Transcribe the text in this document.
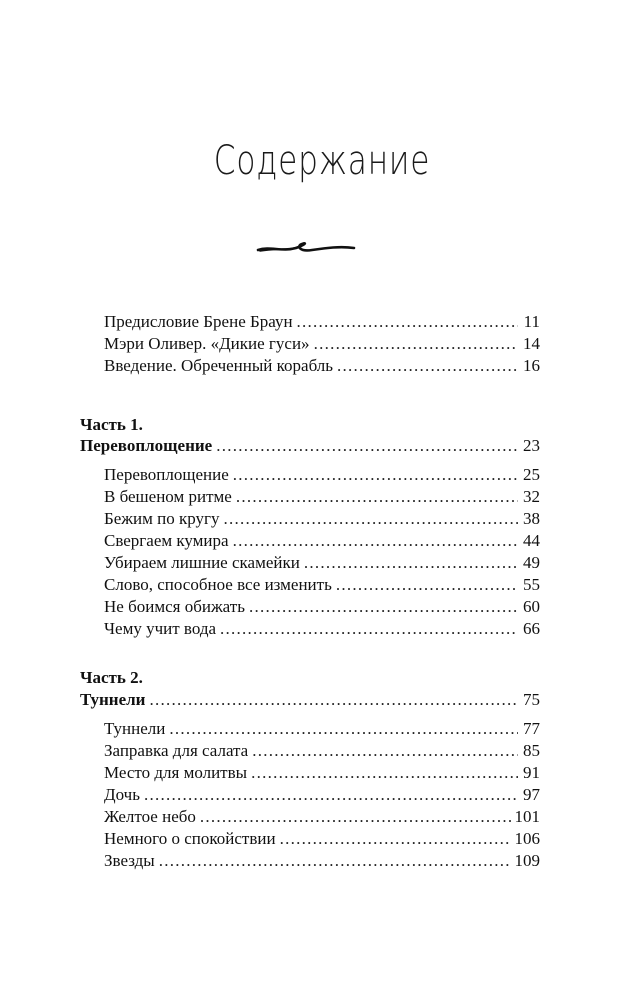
Содержание
Предисловие Брене Браун . . .	11
Мэри Оливер. «Дикие гуси» . . .	14
Введение. Обреченный корабль . . .	16
Часть 1.
Перевоплощение . . .	23
Перевоплощение . . .	25
В бешеном ритме . . .	32
Бежим по кругу . . .	38
Свергаем кумира . . .	44
Убираем лишние скамейки . . .	49
Слово, способное все изменить . . .	55
Не боимся обижать . . .	60
Чему учит вода . . .	66
Часть 2.
Туннели . . .	75
Туннели . . .	77
Заправка для салата . . .	85
Место для молитвы . . .	91
Дочь . . .	97
Желтое небо . . .	101
Немного о спокойствии . . .	106
Звезды . . .	109
